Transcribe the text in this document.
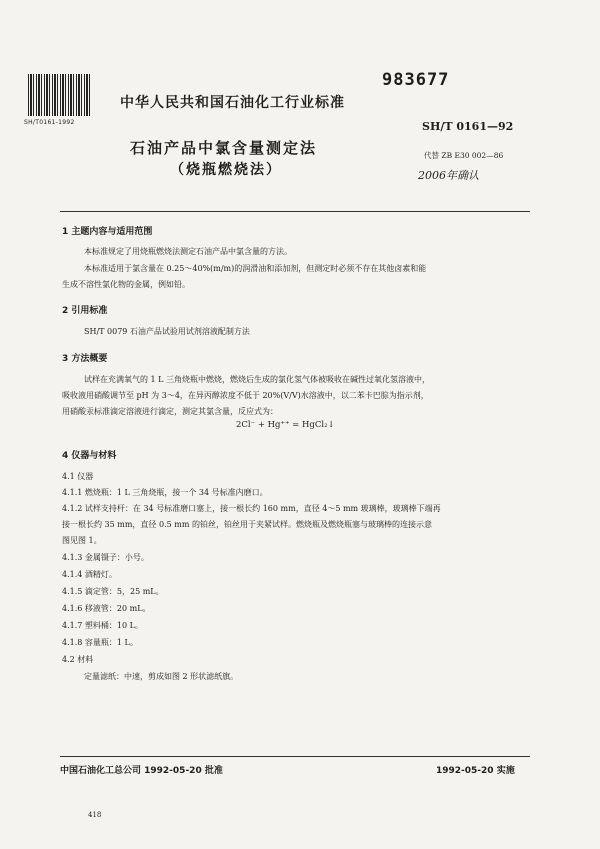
983677
SH/T0161-1992
中华人民共和国石油化工行业标准
SH/T 0161—92
石油产品中氯含量测定法
（烧瓶燃烧法）
代替 ZB E30 002—86
2006年确认
1 主题内容与适用范围
本标准规定了用烧瓶燃烧法测定石油产品中氯含量的方法。
本标准适用于氯含量在 0.25～40%(m/m)的润滑油和添加剂，但测定时必须不存在其他卤素和能
生成不溶性氯化物的金属，例如铅。
2 引用标准
SH/T 0079 石油产品试验用试剂溶液配制方法
3 方法概要
试样在充满氧气的 1 L 三角烧瓶中燃烧，燃烧后生成的氯化氢气体被吸收在碱性过氧化氢溶液中，
吸收液用硝酸调节至 pH 为 3～4，在异丙醇浓度不低于 20%(V/V)水溶液中，以二苯卡巴腙为指示剂，
用硝酸汞标准滴定溶液进行滴定，测定其氯含量，反应式为：
2Cl⁻ + Hg⁺⁺ = HgCl₂↓
4 仪器与材料
4.1 仪器
4.1.1 燃烧瓶：1 L 三角烧瓶，接一个 34 号标准内磨口。
4.1.2 试样支持杆：在 34 号标准磨口塞上，接一根长约 160 mm，直径 4～5 mm 玻璃棒，玻璃棒下端再
接一根长约 35 mm，直径 0.5 mm 的铂丝，铂丝用于夹紧试样。燃烧瓶及燃烧瓶塞与玻璃棒的连接示意
图见图 1。
4.1.3 金属镊子：小号。
4.1.4 酒精灯。
4.1.5 滴定管：5，25 mL。
4.1.6 移液管：20 mL。
4.1.7 塑料桶：10 L。
4.1.8 容量瓶：1 L。
4.2 材料
定量滤纸：中速，剪成如图 2 形状滤纸旗。
中国石油化工总公司 1992-05-20 批准	1992-05-20 实施
418
